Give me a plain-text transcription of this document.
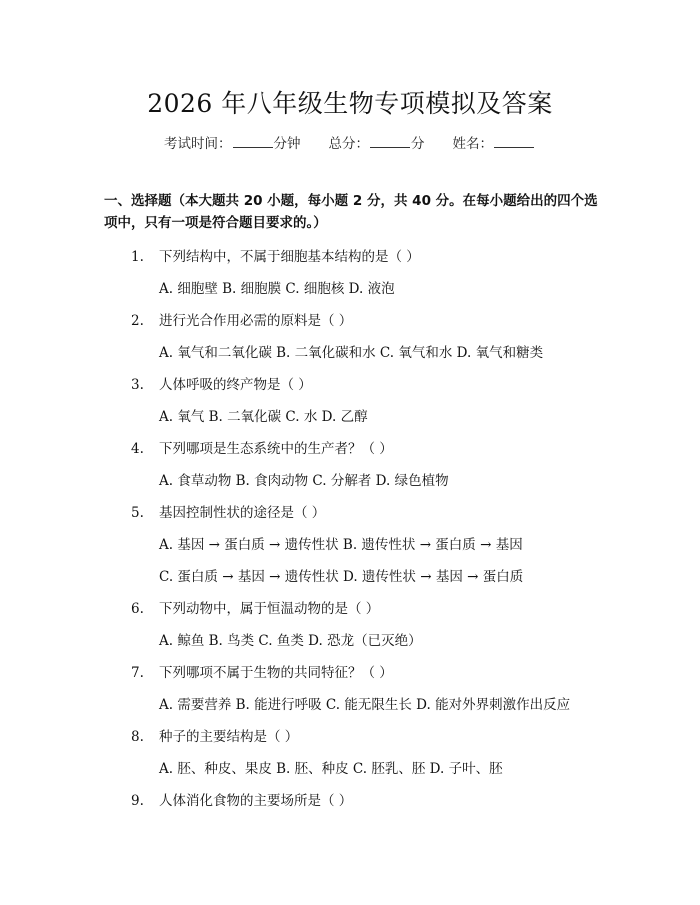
2026 年八年级生物专项模拟及答案
考试时间：	分钟 总分：	分 姓名：
一、选择题（本大题共 20 小题，每小题 2 分，共 40 分。在每小题给出的四个选
项中，只有一项是符合题目要求的。）
1. 下列结构中，不属于细胞基本结构的是（ ）
A. 细胞壁 B. 细胞膜 C. 细胞核 D. 液泡
2. 进行光合作用必需的原料是（ ）
A. 氧气和二氧化碳 B. 二氧化碳和水 C. 氧气和水 D. 氧气和糖类
3. 人体呼吸的终产物是（ ）
A. 氧气 B. 二氧化碳 C. 水 D. 乙醇
4. 下列哪项是生态系统中的生产者？（ ）
A. 食草动物 B. 食肉动物 C. 分解者 D. 绿色植物
5. 基因控制性状的途径是（ ）
A. 基因 → 蛋白质 → 遗传性状 B. 遗传性状 → 蛋白质 → 基因
C. 蛋白质 → 基因 → 遗传性状 D. 遗传性状 → 基因 → 蛋白质
6. 下列动物中，属于恒温动物的是（ ）
A. 鲸鱼 B. 鸟类 C. 鱼类 D. 恐龙（已灭绝）
7. 下列哪项不属于生物的共同特征？（ ）
A. 需要营养 B. 能进行呼吸 C. 能无限生长 D. 能对外界刺激作出反应
8. 种子的主要结构是（ ）
A. 胚、种皮、果皮 B. 胚、种皮 C. 胚乳、胚 D. 子叶、胚
9. 人体消化食物的主要场所是（ ）
